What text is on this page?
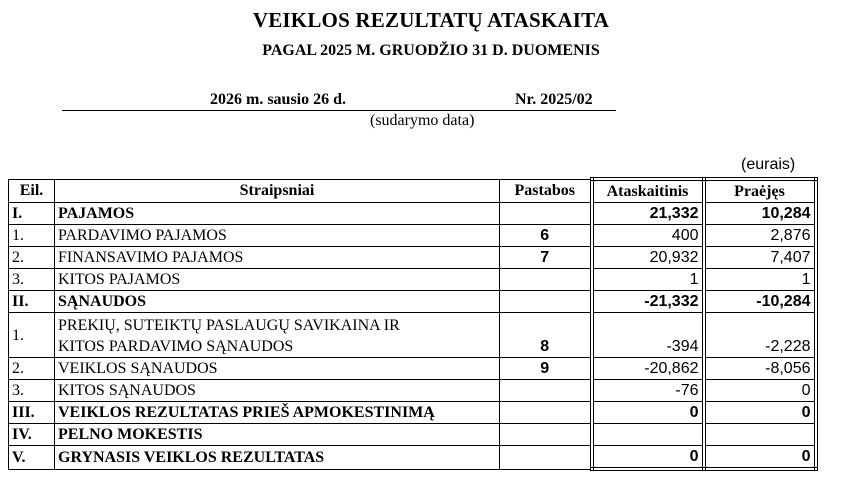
VEIKLOS REZULTATŲ ATASKAITA
PAGAL 2025 M. GRUODŽIO 31 D. DUOMENIS
2026 m. sausio 26 d.	Nr. 2025/02
(sudarymo data)
(eurais)
Eil.	Straipsniai	Pastabos	Ataskaitinis	Praėjęs
I.	PAJAMOS		21,332	10,284
1.	PARDAVIMO PAJAMOS	6	400	2,876
2.	FINANSAVIMO PAJAMOS	7	20,932	7,407
3.	KITOS PAJAMOS		1	1
II.	SĄNAUDOS		-21,332	-10,284
1.	PREKIŲ, SUTEIKTŲ PASLAUGŲ SAVIKAINA IR
KITOS PARDAVIMO SĄNAUDOS	8	-394	-2,228
2.	VEIKLOS SĄNAUDOS	9	-20,862	-8,056
3.	KITOS SĄNAUDOS		-76	0
III.	VEIKLOS REZULTATAS PRIEŠ APMOKESTINIMĄ		0	0
IV.	PELNO MOKESTIS			
V.	GRYNASIS VEIKLOS REZULTATAS		0	0
